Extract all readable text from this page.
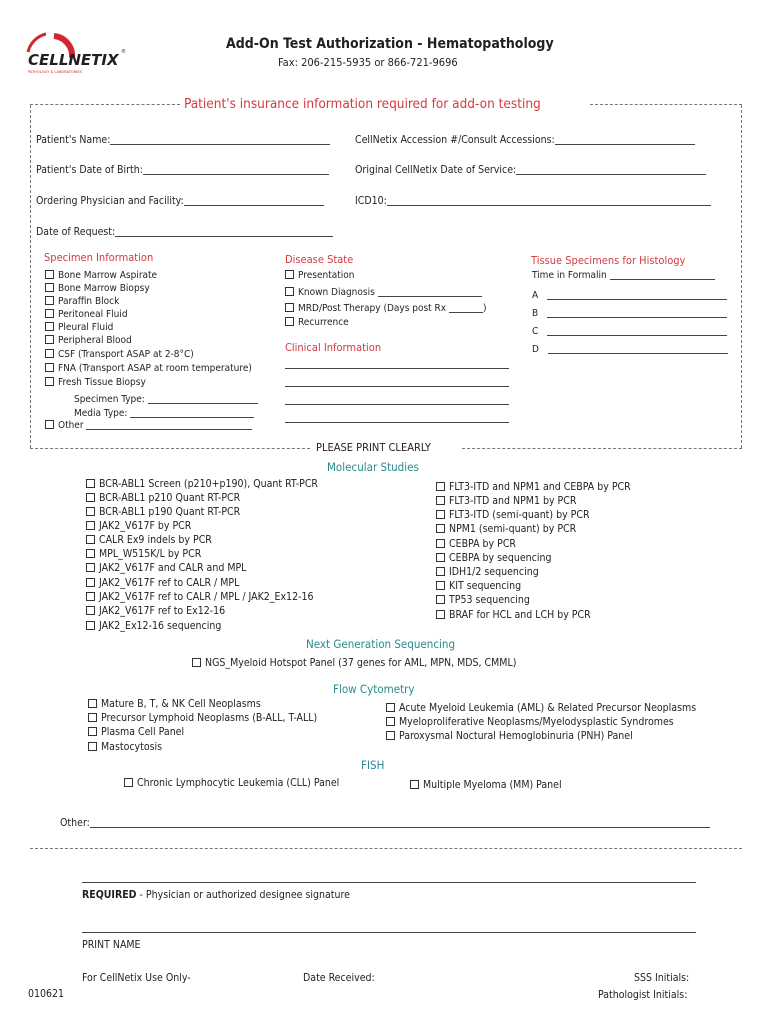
CELLNETIX
PATHOLOGY & LABORATORIES
®	Add-On Test Authorization - Hematopathology
Fax: 206-215-5935 or 866-721-9696
Patient's insurance information required for add-on testing
Patient's Name:	CellNetix Accession #/Consult Accessions:
Patient's Date of Birth:	Original CellNetix Date of Service:
Ordering Physician and Facility:	ICD10:
Date of Request:
Specimen Information
Bone Marrow Aspirate
Bone Marrow Biopsy
Paraffin Block
Peritoneal Fluid
Pleural Fluid
Peripheral Blood
CSF (Transport ASAP at 2-8°C)
FNA (Transport ASAP at room temperature)
Fresh Tissue Biopsy
Specimen Type:
Media Type:
Other
Disease State
Presentation
Known Diagnosis
MRD/Post Therapy (Days post Rx	)
Recurrence
Clinical Information
Tissue Specimens for Histology
Time in Formalin
A
B
C
D
PLEASE PRINT CLEARLY
Molecular Studies
BCR-ABL1 Screen (p210+p190), Quant RT-PCR
BCR-ABL1 p210 Quant RT-PCR
BCR-ABL1 p190 Quant RT-PCR
JAK2_V617F by PCR
CALR Ex9 indels by PCR
MPL_W515K/L by PCR
JAK2_V617F and CALR and MPL
JAK2_V617F ref to CALR / MPL
JAK2_V617F ref to CALR / MPL / JAK2_Ex12-16
JAK2_V617F ref to Ex12-16
JAK2_Ex12-16 sequencing
FLT3-ITD and NPM1 and CEBPA by PCR
FLT3-ITD and NPM1 by PCR
FLT3-ITD (semi-quant) by PCR
NPM1 (semi-quant) by PCR
CEBPA by PCR
CEBPA by sequencing
IDH1/2 sequencing
KIT sequencing
TP53 sequencing
BRAF for HCL and LCH by PCR
Next Generation Sequencing
NGS_Myeloid Hotspot Panel (37 genes for AML, MPN, MDS, CMML)
Flow Cytometry
Mature B, T, & NK Cell Neoplasms
Precursor Lymphoid Neoplasms (B-ALL, T-ALL)
Plasma Cell Panel
Mastocytosis
Acute Myeloid Leukemia (AML) & Related Precursor Neoplasms
Myeloproliferative Neoplasms/Myelodysplastic Syndromes
Paroxysmal Noctural Hemoglobinuria (PNH) Panel
FISH
Chronic Lymphocytic Leukemia (CLL) Panel	Multiple Myeloma (MM) Panel
Other:
REQUIRED - Physician or authorized designee signature
PRINT NAME
For CellNetix Use Only-	Date Received:	SSS Initials:
Pathologist Initials:
010621
